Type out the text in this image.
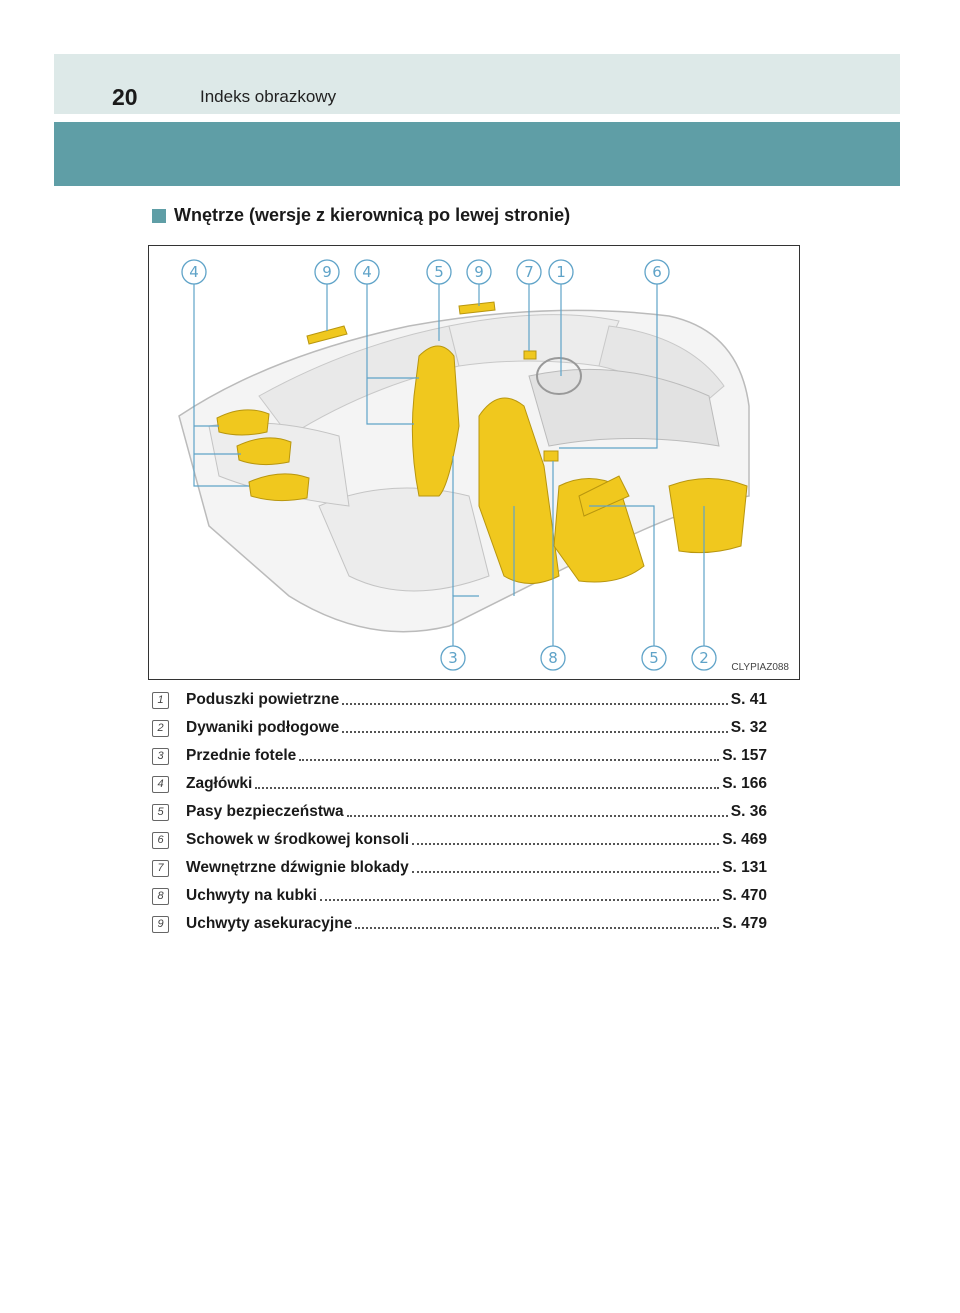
20	Indeks obrazkowy
Wnętrze (wersje z kierownicą po lewej stronie)
4	9 4	5 9	7 1	6
3	8	5	2
CLYPIAZ088
1	Poduszki powietrzne	S. 41
2	Dywaniki podłogowe	S. 32
3	Przednie fotele	S. 157
4	Zagłówki	S. 166
5	Pasy bezpieczeństwa	S. 36
6	Schowek w środkowej konsoli	S. 469
7	Wewnętrzne dźwignie blokady	S. 131
8	Uchwyty na kubki	S. 470
9	Uchwyty asekuracyjne	S. 479
